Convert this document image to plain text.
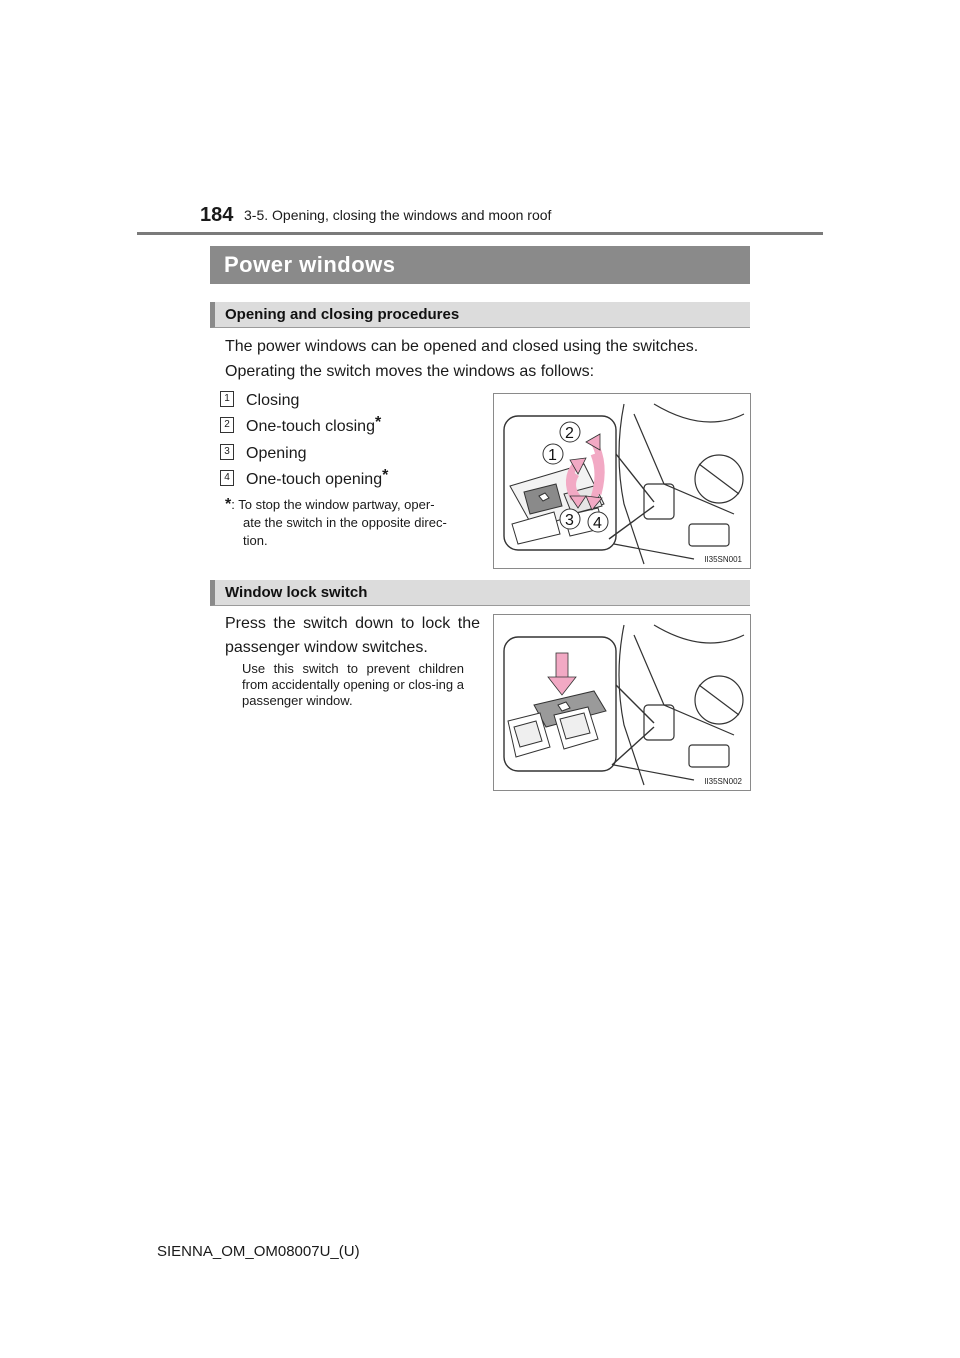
184 3-5. Opening, closing the windows and moon roof
Power windows
Opening and closing procedures
The power windows can be opened and closed using the switches.
Operating the switch moves the windows as follows:
1 Closing
2 One-touch closing*
3 Opening
4 One-touch opening*
*: To stop the window partway, oper-
ate the switch in the opposite direc-tion.
2
1
3 4
II35SN001
Window lock switch
Press the switch down to lock the passenger window switches.
Use this switch to prevent children from accidentally opening or clos-ing a passenger window.
II35SN002
SIENNA_OM_OM08007U_(U)
